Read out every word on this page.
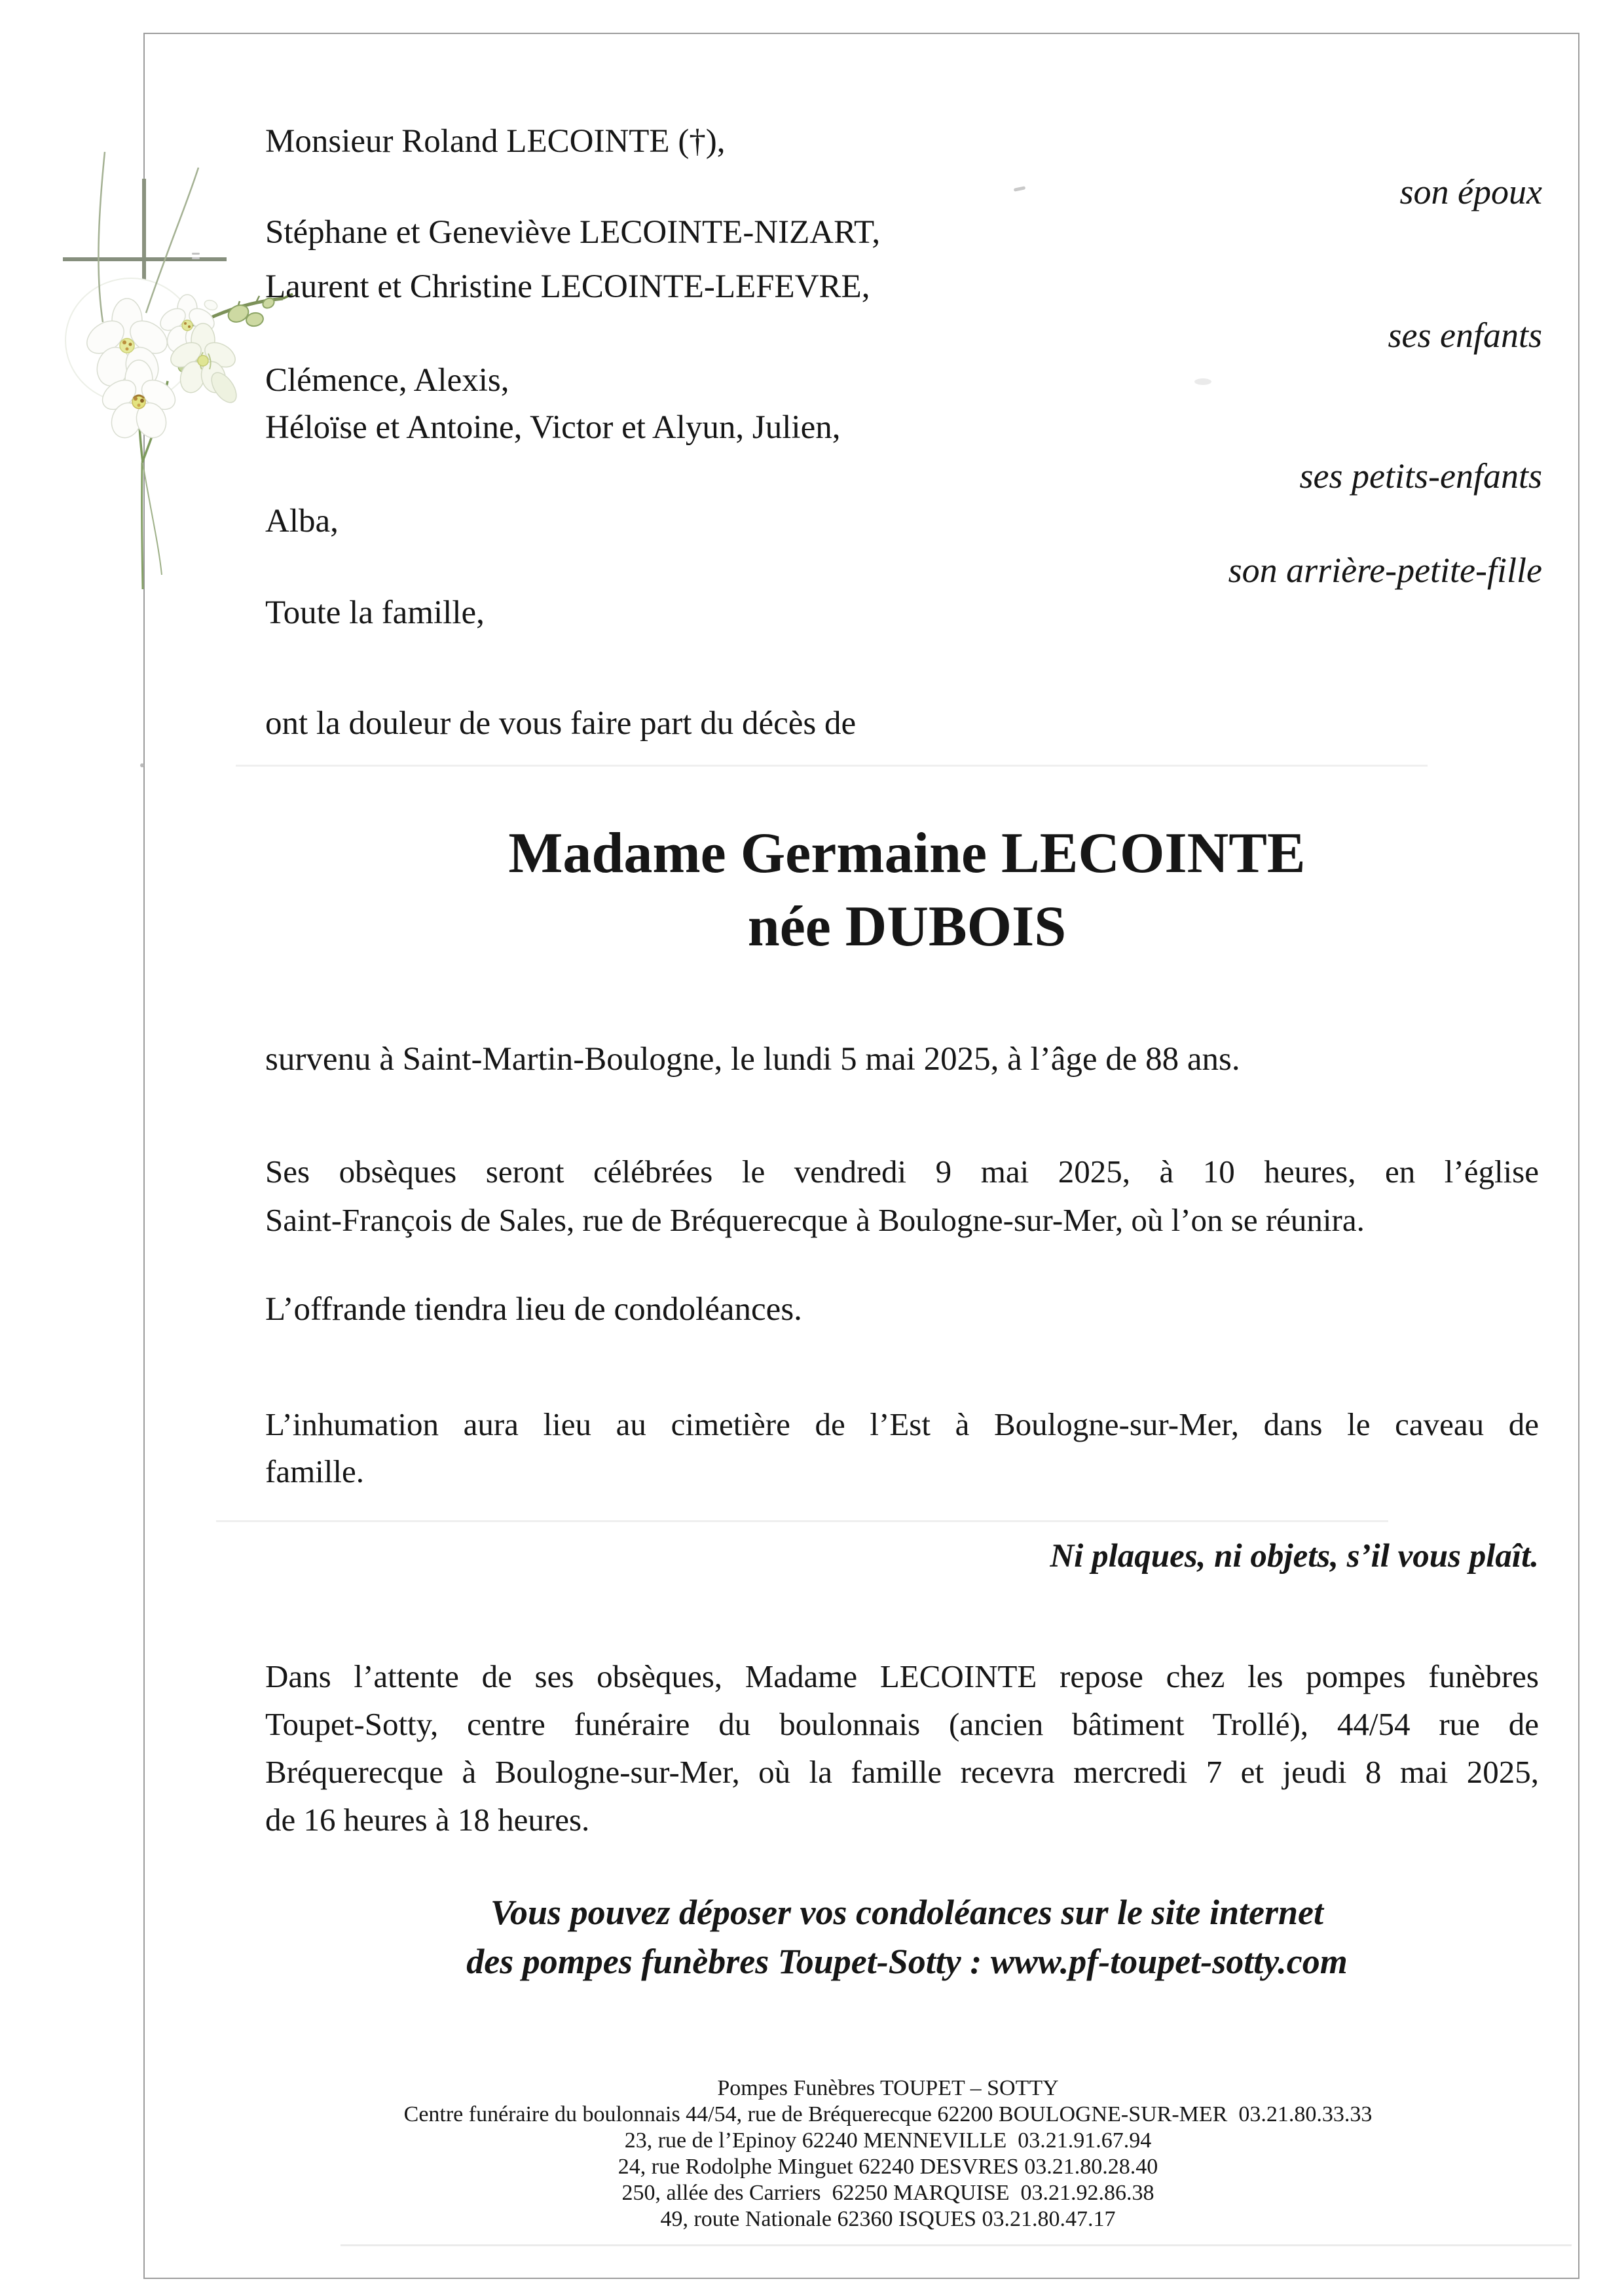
Monsieur Roland LECOINTE (†),
son époux
Stéphane et Geneviève LECOINTE-NIZART,
Laurent et Christine LECOINTE-LEFEVRE,
ses enfants
Clémence, Alexis,
Héloïse et Antoine, Victor et Alyun, Julien,
ses petits-enfants
Alba,
son arrière-petite-fille
Toute la famille,
ont la douleur de vous faire part du décès de
Madame Germaine LECOINTE
née DUBOIS
survenu à Saint-Martin-Boulogne, le lundi 5 mai 2025, à l’âge de 88 ans.
Ses obsèques seront célébrées le vendredi 9 mai 2025, à 10 heures, en l’église
Saint-François de Sales, rue de Bréquerecque à Boulogne-sur-Mer, où l’on se réunira.
L’offrande tiendra lieu de condoléances.
L’inhumation aura lieu au cimetière de l’Est à Boulogne-sur-Mer, dans le caveau de
famille.
Ni plaques, ni objets, s’il vous plaît.
Dans l’attente de ses obsèques, Madame LECOINTE repose chez les pompes funèbres
Toupet-Sotty, centre funéraire du boulonnais (ancien bâtiment Trollé), 44/54 rue de
Bréquerecque à Boulogne-sur-Mer, où la famille recevra mercredi 7 et jeudi 8 mai 2025,
de 16 heures à 18 heures.
Vous pouvez déposer vos condoléances sur le site internet
des pompes funèbres Toupet-Sotty : www.pf-toupet-sotty.com
Pompes Funèbres TOUPET – SOTTY
Centre funéraire du boulonnais 44/54, rue de Bréquerecque 62200 BOULOGNE-SUR-MER  03.21.80.33.33
23, rue de l’Epinoy 62240 MENNEVILLE  03.21.91.67.94
24, rue Rodolphe Minguet 62240 DESVRES 03.21.80.28.40
250, allée des Carriers  62250 MARQUISE  03.21.92.86.38
49, route Nationale 62360 ISQUES 03.21.80.47.17
